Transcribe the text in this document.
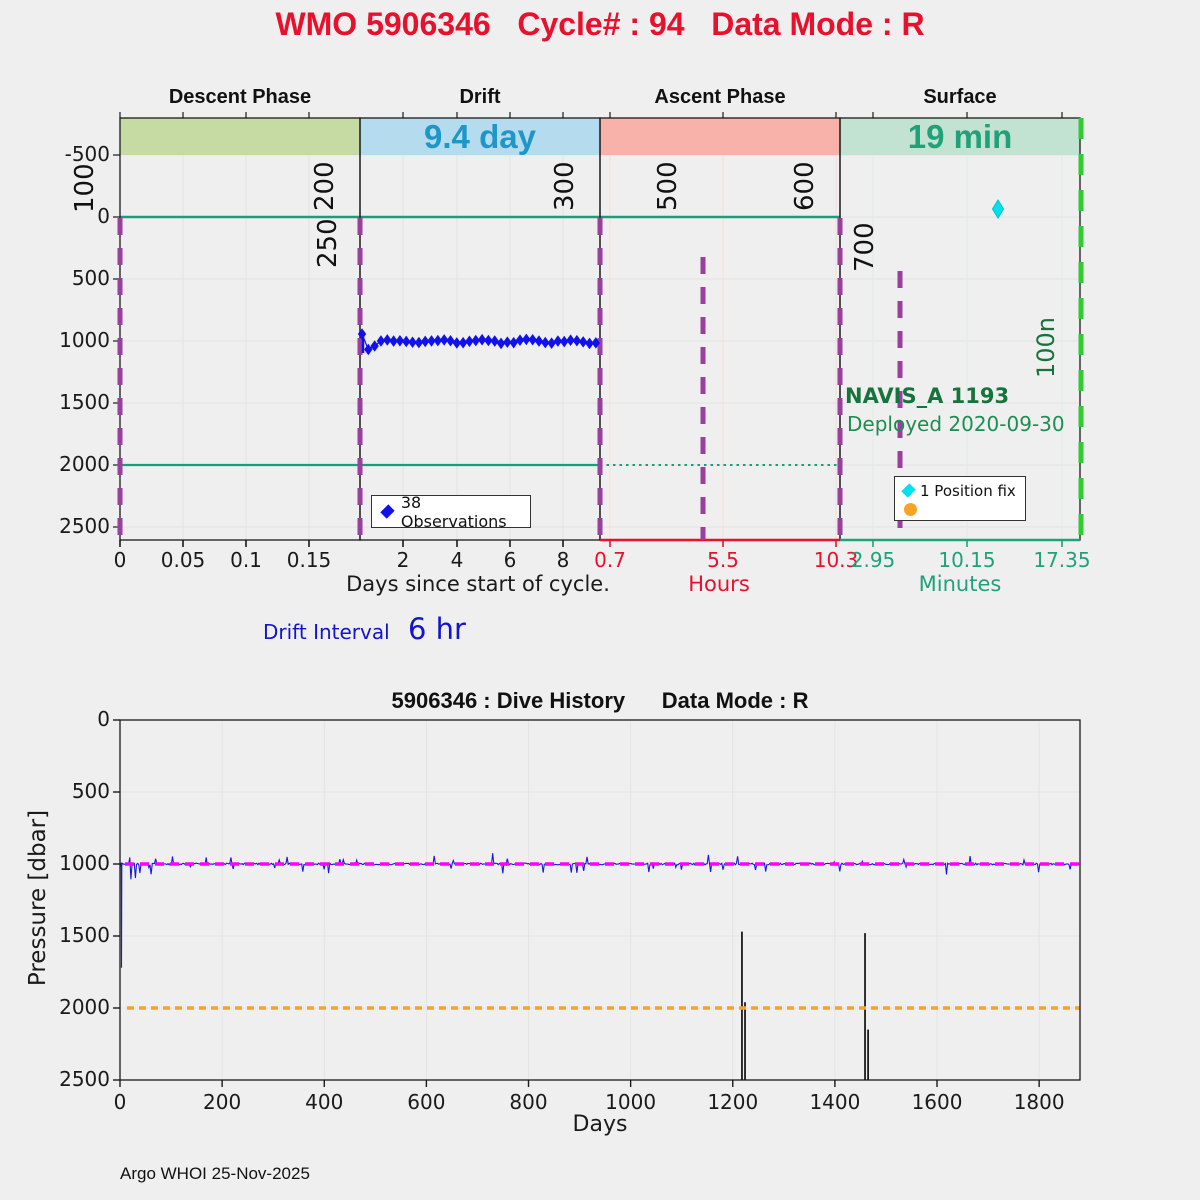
WMO 5906346   Cycle# : 94   Data Mode : R
NAVIS_A 1193
Deployed 2020-09-30
38 Observations
1 Position fix
Drift Interval 6 hr
5906346 : Dive History      Data Mode : R
Days
Pressure [dbar]
Argo WHOI 25-Nov-2025
-500
0
500
1000
1500
2000
2500
0	0.05	0.1	0.15
Descent Phase
2	4	6	8
Drift
9.4 day
0.7	5.5	10.3
Ascent Phase
2.95	10.15	17.35
Surface
19 min
Days since start of cycle.	Hours	Minutes
100	200
250
300	500	600
700
100n
0
500
1000
1500
2000
2500
0	200	400	600	800	1000	1200	1400	1600	1800
